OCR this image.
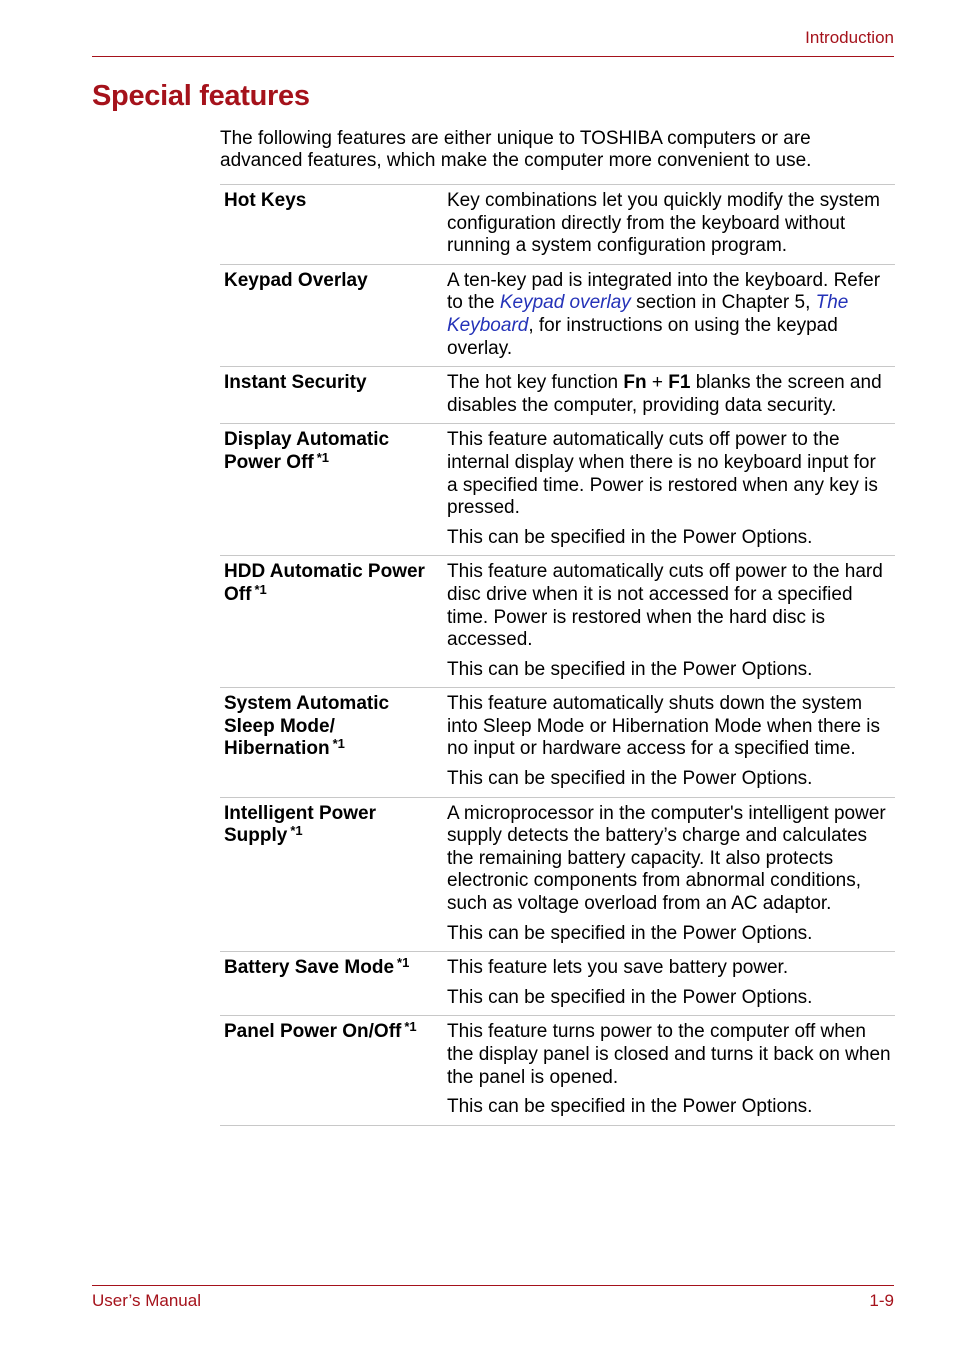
Introduction
Special features

The following features are either unique to TOSHIBA computers or are advanced features, which make the computer more convenient to use.

Hot Keys	Key combinations let you quickly modify the system configuration directly from the keyboard without running a system configuration program.

Keypad Overlay	A ten-key pad is integrated into the keyboard. Refer to the Keypad overlay section in Chapter 5, The Keyboard, for instructions on using the keypad overlay.

Instant Security	The hot key function Fn + F1 blanks the screen and disables the computer, providing data security.

Display Automatic Power Off $^{*1}$	This feature automatically cuts off power to the internal display when there is no keyboard input for a specified time. Power is restored when any key is pressed.

This can be specified in the Power Options.

HDD Automatic Power Off $^{*1}$	This feature automatically cuts off power to the hard disc drive when it is not accessed for a specified time. Power is restored when the hard disc is accessed.

This can be specified in the Power Options.

System Automatic Sleep Mode/ Hibernation $^{*1}$	This feature automatically shuts down the system into Sleep Mode or Hibernation Mode when there is no input or hardware access for a specified time.

This can be specified in the Power Options.

Intelligent Power Supply $^{*1}$	A microprocessor in the computer's intelligent power supply detects the battery’s charge and calculates the remaining battery capacity. It also protects electronic components from abnormal conditions, such as voltage overload from an AC adaptor.

This can be specified in the Power Options.

Battery Save Mode $^{*1}$	This feature lets you save battery power.

This can be specified in the Power Options.

Panel Power On/Off $^{*1}$	This feature turns power to the computer off when the display panel is closed and turns it back on when the panel is opened.

This can be specified in the Power Options.

User’s Manual	1-9
